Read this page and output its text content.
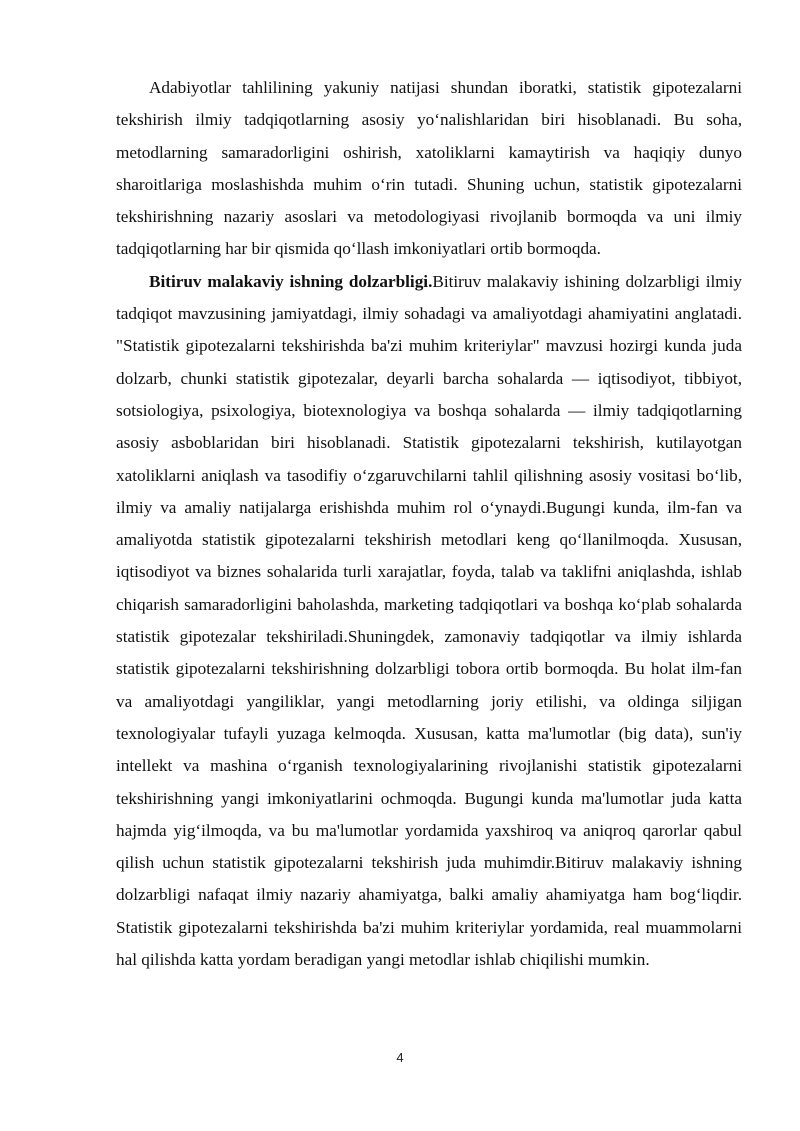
Adabiyotlar tahlilining yakuniy natijasi shundan iboratki, statistik gipotezalarni tekshirish ilmiy tadqiqotlarning asosiy yo‘nalishlaridan biri hisoblanadi. Bu soha, metodlarning samaradorligini oshirish, xatoliklarni kamaytirish va haqiqiy dunyo sharoitlariga moslashishda muhim o‘rin tutadi. Shuning uchun, statistik gipotezalarni tekshirishning nazariy asoslari va metodologiyasi rivojlanib bormoqda va uni ilmiy tadqiqotlarning har bir qismida qo‘llash imkoniyatlari ortib bormoqda.

Bitiruv malakaviy ishning dolzarbligi.Bitiruv malakaviy ishining dolzarbligi ilmiy tadqiqot mavzusining jamiyatdagi, ilmiy sohadagi va amaliyotdagi ahamiyatini anglatadi. "Statistik gipotezalarni tekshirishda ba'zi muhim kriteriylar" mavzusi hozirgi kunda juda dolzarb, chunki statistik gipotezalar, deyarli barcha sohalarda — iqtisodiyot, tibbiyot, sotsiologiya, psixologiya, biotexnologiya va boshqa sohalarda — ilmiy tadqiqotlarning asosiy asboblaridan biri hisoblanadi. Statistik gipotezalarni tekshirish, kutilayotgan xatoliklarni aniqlash va tasodifiy o‘zgaruvchilarni tahlil qilishning asosiy vositasi bo‘lib, ilmiy va amaliy natijalarga erishishda muhim rol o‘ynaydi.Bugungi kunda, ilm-fan va amaliyotda statistik gipotezalarni tekshirish metodlari keng qo‘llanilmoqda. Xususan, iqtisodiyot va biznes sohalarida turli xarajatlar, foyda, talab va taklifni aniqlashda, ishlab chiqarish samaradorligini baholashda, marketing tadqiqotlari va boshqa ko‘plab sohalarda statistik gipotezalar tekshiriladi.Shuningdek, zamonaviy tadqiqotlar va ilmiy ishlarda statistik gipotezalarni tekshirishning dolzarbligi tobora ortib bormoqda. Bu holat ilm-fan va amaliyotdagi yangiliklar, yangi metodlarning joriy etilishi, va oldinga siljigan texnologiyalar tufayli yuzaga kelmoqda. Xususan, katta ma'lumotlar (big data), sun'iy intellekt va mashina o‘rganish texnologiyalarining rivojlanishi statistik gipotezalarni tekshirishning yangi imkoniyatlarini ochmoqda. Bugungi kunda ma'lumotlar juda katta hajmda yig‘ilmoqda, va bu ma'lumotlar yordamida yaxshiroq va aniqroq qarorlar qabul qilish uchun statistik gipotezalarni tekshirish juda muhimdir.Bitiruv malakaviy ishning dolzarbligi nafaqat ilmiy nazariy ahamiyatga, balki amaliy ahamiyatga ham bog‘liqdir. Statistik gipotezalarni tekshirishda ba'zi muhim kriteriylar yordamida, real muammolarni hal qilishda katta yordam beradigan yangi metodlar ishlab chiqilishi mumkin.

4
